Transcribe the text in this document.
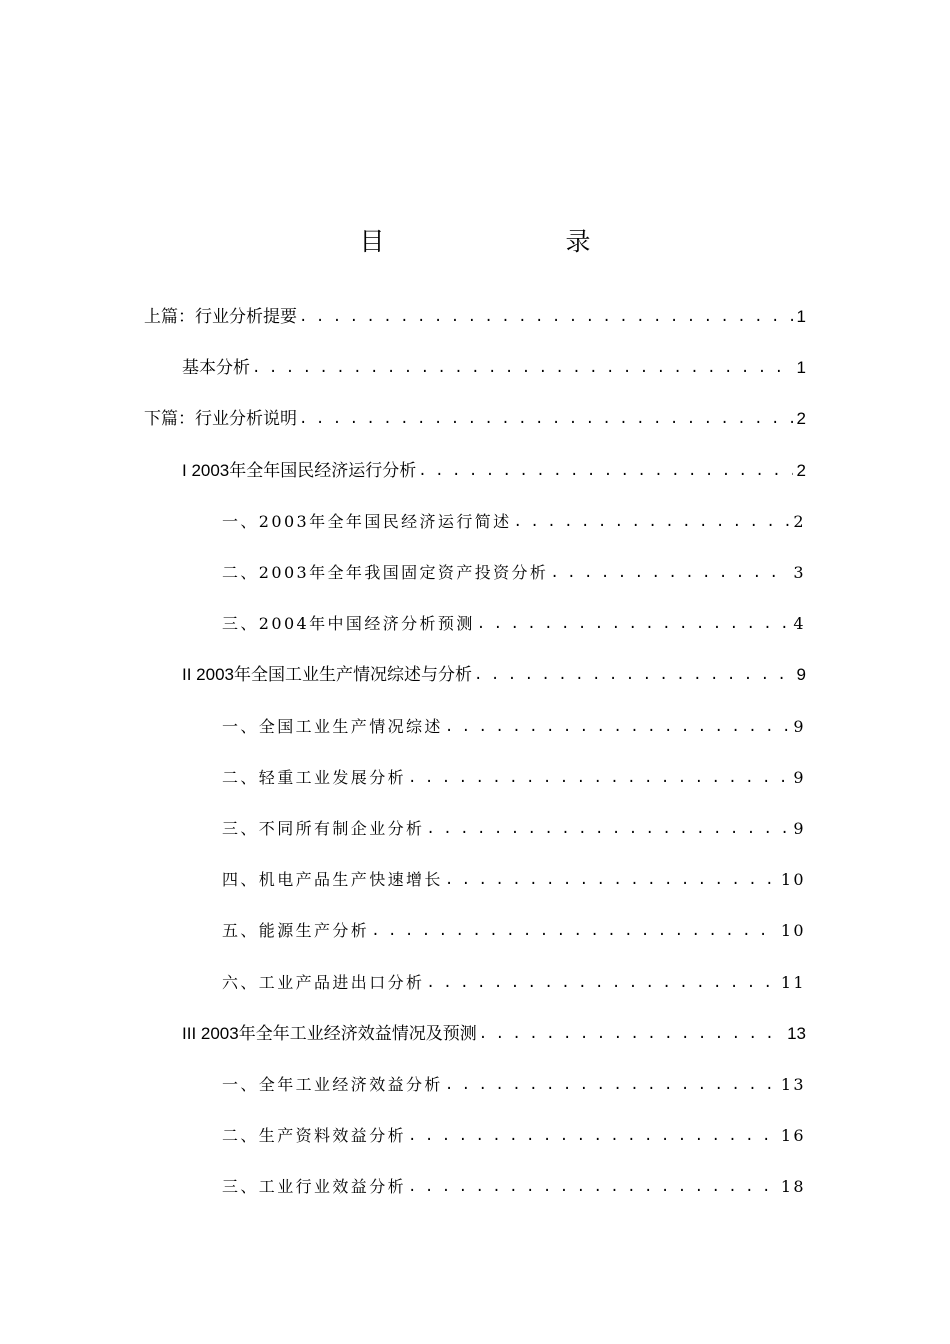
目　录
上篇：行业分析提要 . . .	1
基本分析 . . .	1
下篇：行业分析说明 . . .	2
I 2003年全年国民经济运行分析 . . .	2
一、2003年全年国民经济运行简述 . . .	2
二、2003年全年我国固定资产投资分析 . . .	3
三、2004年中国经济分析预测 . . .	4
II 2003年全国工业生产情况综述与分析 . . .	9
一、全国工业生产情况综述 . . .	9
二、轻重工业发展分析 . . .	9
三、不同所有制企业分析 . . .	9
四、机电产品生产快速增长 . . .	10
五、能源生产分析 . . .	10
六、工业产品进出口分析 . . .	11
III 2003年全年工业经济效益情况及预测 . . .	13
一、全年工业经济效益分析 . . .	13
二、生产资料效益分析 . . .	16
三、工业行业效益分析 . . .	18
